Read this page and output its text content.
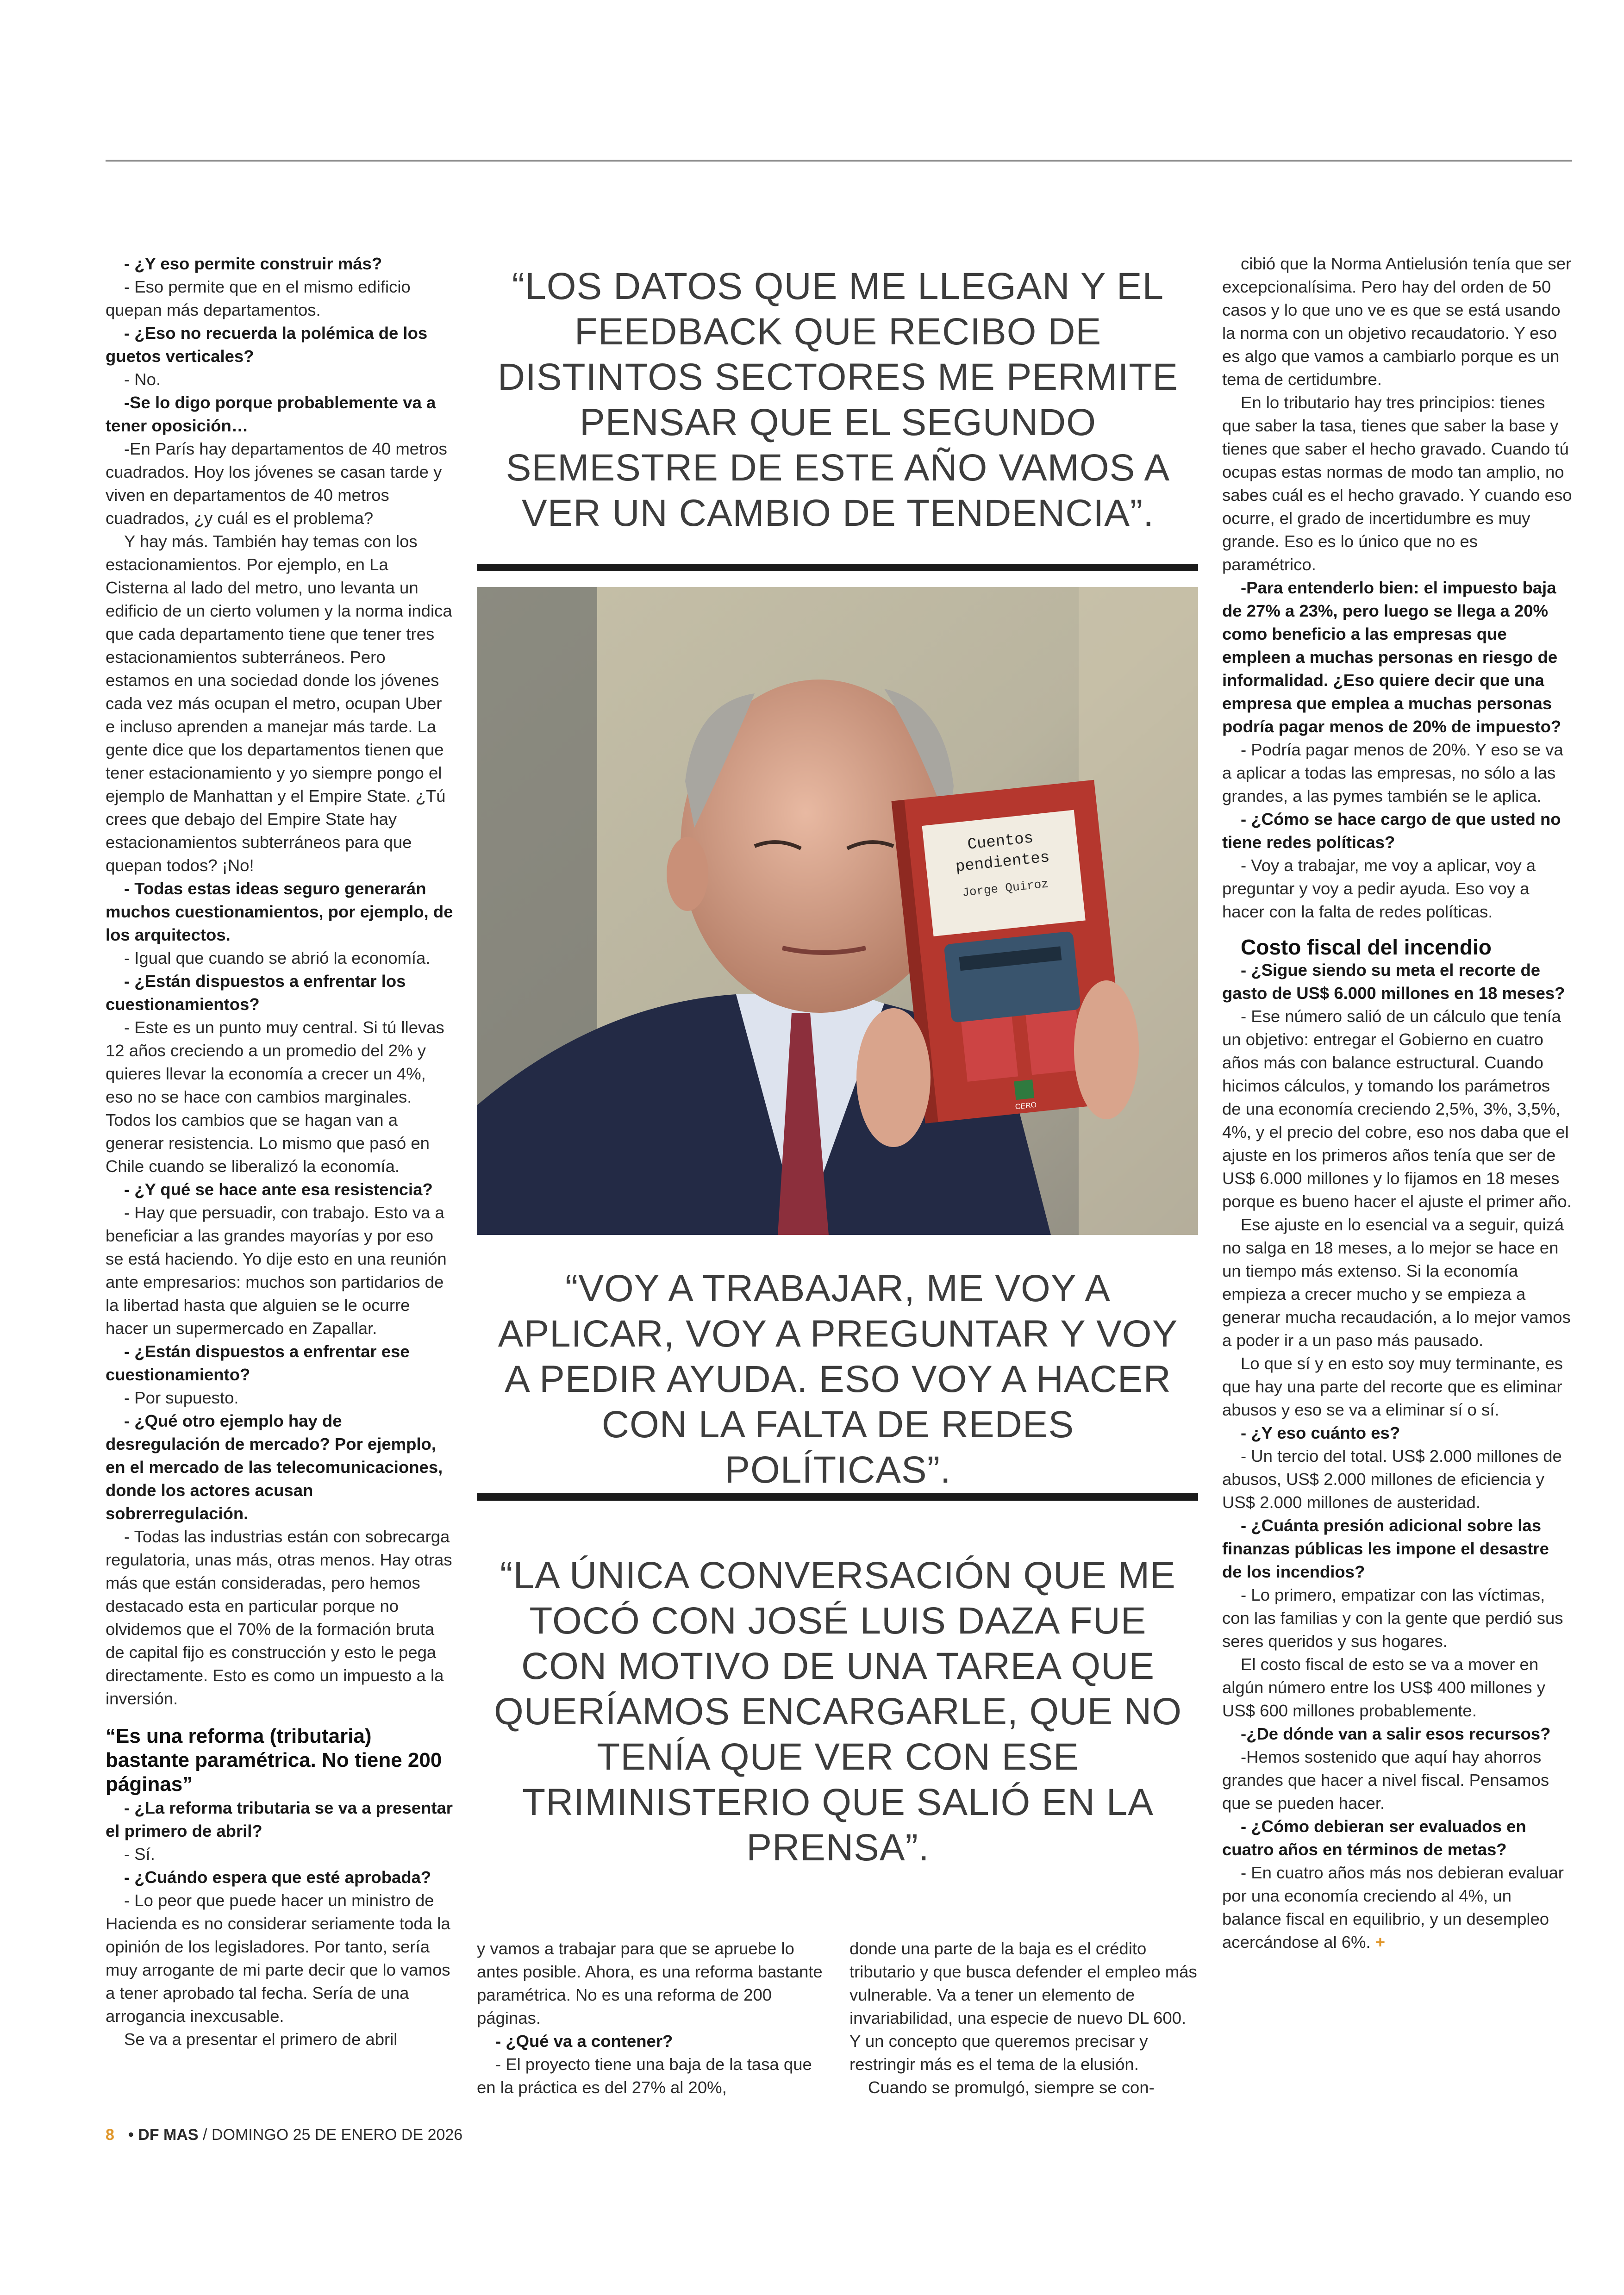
- ¿Y eso permite construir más?

- Eso permite que en el mismo edificio quepan más departamentos.

- ¿Eso no recuerda la polémica de los guetos verticales?

- No.

-Se lo digo porque probablemente va a tener oposición…

-En París hay departamentos de 40 metros cuadrados. Hoy los jóvenes se casan tarde y viven en departamentos de 40 metros cuadrados, ¿y cuál es el problema?

Y hay más. También hay temas con los estacionamientos. Por ejemplo, en La Cisterna al lado del metro, uno levanta un edificio de un cierto volumen y la norma indica que cada departamento tiene que tener tres estacionamientos subterráneos. Pero estamos en una sociedad donde los jóvenes cada vez más ocupan el metro, ocupan Uber e incluso aprenden a manejar más tarde. La gente dice que los departamentos tienen que tener estacionamiento y yo siempre pongo el ejemplo de Manhattan y el Empire State. ¿Tú crees que debajo del Empire State hay estacionamientos subterráneos para que quepan todos? ¡No!

- Todas estas ideas seguro generarán muchos cuestionamientos, por ejemplo, de los arquitectos.

- Igual que cuando se abrió la economía.

- ¿Están dispuestos a enfrentar los cuestionamientos?

- Este es un punto muy central. Si tú llevas 12 años creciendo a un promedio del 2% y quieres llevar la economía a crecer un 4%, eso no se hace con cambios marginales. Todos los cambios que se hagan van a generar resistencia. Lo mismo que pasó en Chile cuando se liberalizó la economía.

- ¿Y qué se hace ante esa resistencia?

- Hay que persuadir, con trabajo. Esto va a beneficiar a las grandes mayorías y por eso se está haciendo. Yo dije esto en una reunión ante empresarios: muchos son partidarios de la libertad hasta que alguien se le ocurre hacer un supermercado en Zapallar.

- ¿Están dispuestos a enfrentar ese cuestionamiento?

- Por supuesto.

- ¿Qué otro ejemplo hay de desregulación de mercado? Por ejemplo, en el mercado de las telecomunicaciones, donde los actores acusan sobrerregulación.

- Todas las industrias están con sobrecarga regulatoria, unas más, otras menos. Hay otras más que están consideradas, pero hemos destacado esta en particular porque no olvidemos que el 70% de la formación bruta de capital fijo es construcción y esto le pega directamente. Esto es como un impuesto a la inversión.

“Es una reforma (tributaria) bastante paramétrica. No tiene 200 páginas”

- ¿La reforma tributaria se va a presentar el primero de abril?

- Sí.

- ¿Cuándo espera que esté aprobada?

- Lo peor que puede hacer un ministro de Hacienda es no considerar seriamente toda la opinión de los legisladores. Por tanto, sería muy arrogante de mi parte decir que lo vamos a tener aprobado tal fecha. Sería de una arrogancia inexcusable.

Se va a presentar el primero de abril

“LOS DATOS QUE ME LLEGAN Y EL FEEDBACK QUE RECIBO DE DISTINTOS SECTORES ME PERMITE PENSAR QUE EL SEGUNDO SEMESTRE DE ESTE AÑO VAMOS A VER UN CAMBIO DE TENDENCIA”.
Cuentos
pendientes
Jorge Quiroz
CERO
“VOY A TRABAJAR, ME VOY A APLICAR, VOY A PREGUNTAR Y VOY A PEDIR AYUDA. ESO VOY A HACER CON LA FALTA DE REDES POLÍTICAS”.
“LA ÚNICA CONVERSACIÓN QUE ME TOCÓ CON JOSÉ LUIS DAZA FUE CON MOTIVO DE UNA TAREA QUE QUERÍAMOS ENCARGARLE, QUE NO TENÍA QUE VER CON ESE TRIMINISTERIO QUE SALIÓ EN LA PRENSA”.

y vamos a trabajar para que se apruebe lo antes posible. Ahora, es una reforma bastante paramétrica. No es una reforma de 200 páginas.

- ¿Qué va a contener?

- El proyecto tiene una baja de la tasa que en la práctica es del 27% al 20%,

donde una parte de la baja es el crédito tributario y que busca defender el empleo más vulnerable. Va a tener un elemento de invariabilidad, una especie de nuevo DL 600. Y un concepto que queremos precisar y restringir más es el tema de la elusión.

Cuando se promulgó, siempre se con-

cibió que la Norma Antielusión tenía que ser excepcionalísima. Pero hay del orden de 50 casos y lo que uno ve es que se está usando la norma con un objetivo recaudatorio. Y eso es algo que vamos a cambiarlo porque es un tema de certidumbre.

En lo tributario hay tres principios: tienes que saber la tasa, tienes que saber la base y tienes que saber el hecho gravado. Cuando tú ocupas estas normas de modo tan amplio, no sabes cuál es el hecho gravado. Y cuando eso ocurre, el grado de incertidumbre es muy grande. Eso es lo único que no es paramétrico.

-Para entenderlo bien: el impuesto baja de 27% a 23%, pero luego se llega a 20% como beneficio a las empresas que empleen a muchas personas en riesgo de informalidad. ¿Eso quiere decir que una empresa que emplea a muchas personas podría pagar menos de 20% de impuesto?

- Podría pagar menos de 20%. Y eso se va a aplicar a todas las empresas, no sólo a las grandes, a las pymes también se le aplica.

- ¿Cómo se hace cargo de que usted no tiene redes políticas?

- Voy a trabajar, me voy a aplicar, voy a preguntar y voy a pedir ayuda. Eso voy a hacer con la falta de redes políticas.

Costo fiscal del incendio

- ¿Sigue siendo su meta el recorte de gasto de US$ 6.000 millones en 18 meses?

- Ese número salió de un cálculo que tenía un objetivo: entregar el Gobierno en cuatro años más con balance estructural. Cuando hicimos cálculos, y tomando los parámetros de una economía creciendo 2,5%, 3%, 3,5%, 4%, y el precio del cobre, eso nos daba que el ajuste en los primeros años tenía que ser de US$ 6.000 millones y lo fijamos en 18 meses porque es bueno hacer el ajuste el primer año.

Ese ajuste en lo esencial va a seguir, quizá no salga en 18 meses, a lo mejor se hace en un tiempo más extenso. Si la economía empieza a crecer mucho y se empieza a generar mucha recaudación, a lo mejor vamos a poder ir a un paso más pausado.

Lo que sí y en esto soy muy terminante, es que hay una parte del recorte que es eliminar abusos y eso se va a eliminar sí o sí.

- ¿Y eso cuánto es?

- Un tercio del total. US$ 2.000 millones de abusos, US$ 2.000 millones de eficiencia y US$ 2.000 millones de austeridad.

- ¿Cuánta presión adicional sobre las finanzas públicas les impone el desastre de los incendios?

- Lo primero, empatizar con las víctimas, con las familias y con la gente que perdió sus seres queridos y sus hogares.

El costo fiscal de esto se va a mover en algún número entre los US$ 400 millones y US$ 600 millones probablemente.

-¿De dónde van a salir esos recursos?

-Hemos sostenido que aquí hay ahorros grandes que hacer a nivel fiscal. Pensamos que se pueden hacer.

- ¿Cómo debieran ser evaluados en cuatro años en términos de metas?

- En cuatro años más nos debieran evaluar por una economía creciendo al 4%, un balance fiscal en equilibrio, y un desempleo acercándose al 6%. +

8 • DF MAS / DOMINGO 25 DE ENERO DE 2026
